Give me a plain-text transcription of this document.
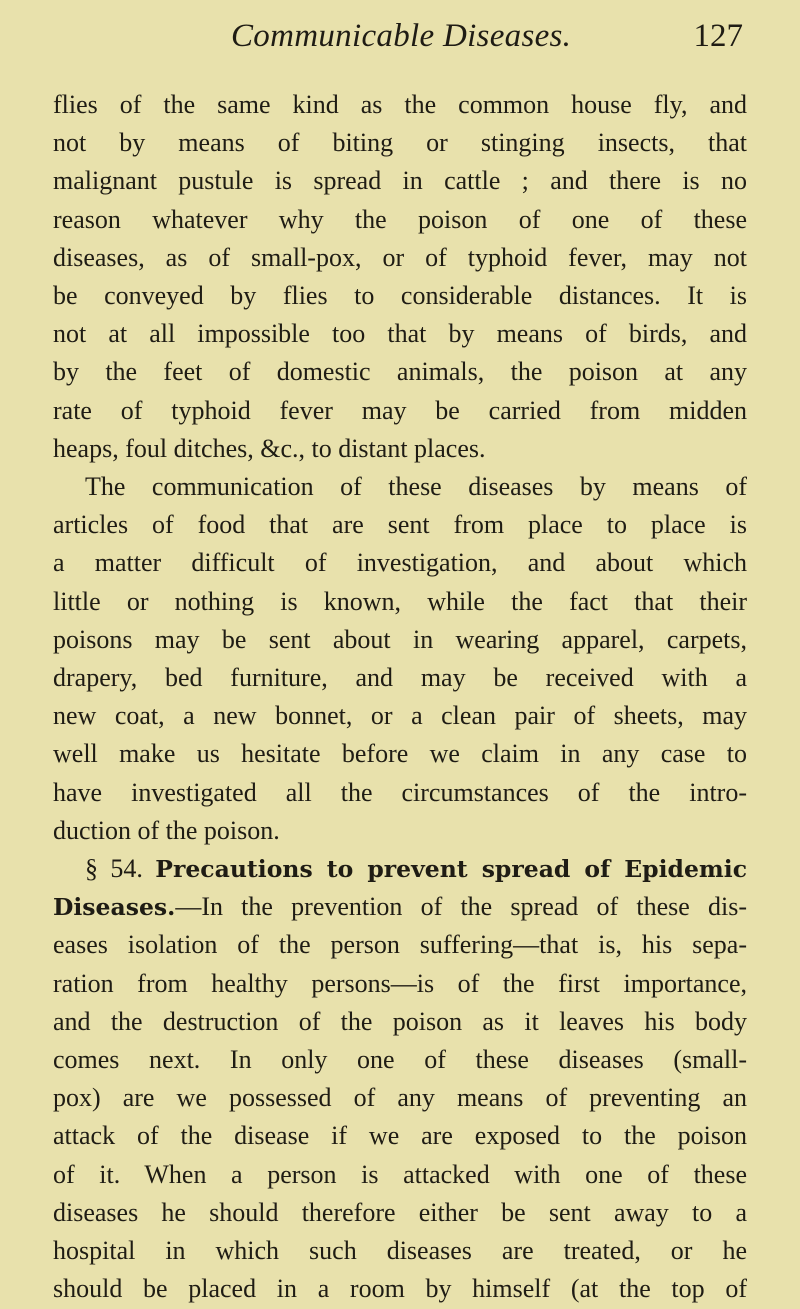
Communicable Diseases.	127
flies of the same kind as the common house fly, and
not by means of biting or stinging insects, that
malignant pustule is spread in cattle ; and there is no
reason whatever why the poison of one of these
diseases, as of small-pox, or of typhoid fever, may not
be conveyed by flies to considerable distances. It is
not at all impossible too that by means of birds, and
by the feet of domestic animals, the poison at any
rate of typhoid fever may be carried from midden
heaps, foul ditches, &c., to distant places.
The communication of these diseases by means of
articles of food that are sent from place to place is
a matter difficult of investigation, and about which
little or nothing is known, while the fact that their
poisons may be sent about in wearing apparel, carpets,
drapery, bed furniture, and may be received with a
new coat, a new bonnet, or a clean pair of sheets, may
well make us hesitate before we claim in any case to
have investigated all the circumstances of the intro-
duction of the poison.
§ 54. Precautions to prevent spread of Epidemic
Diseases.—In the prevention of the spread of these dis-
eases isolation of the person suffering—that is, his sepa-
ration from healthy persons—is of the first importance,
and the destruction of the poison as it leaves his body
comes next. In only one of these diseases (small-
pox) are we possessed of any means of preventing an
attack of the disease if we are exposed to the poison
of it. When a person is attacked with one of these
diseases he should therefore either be sent away to a
hospital in which such diseases are treated, or he
should be placed in a room by himself (at the top of
